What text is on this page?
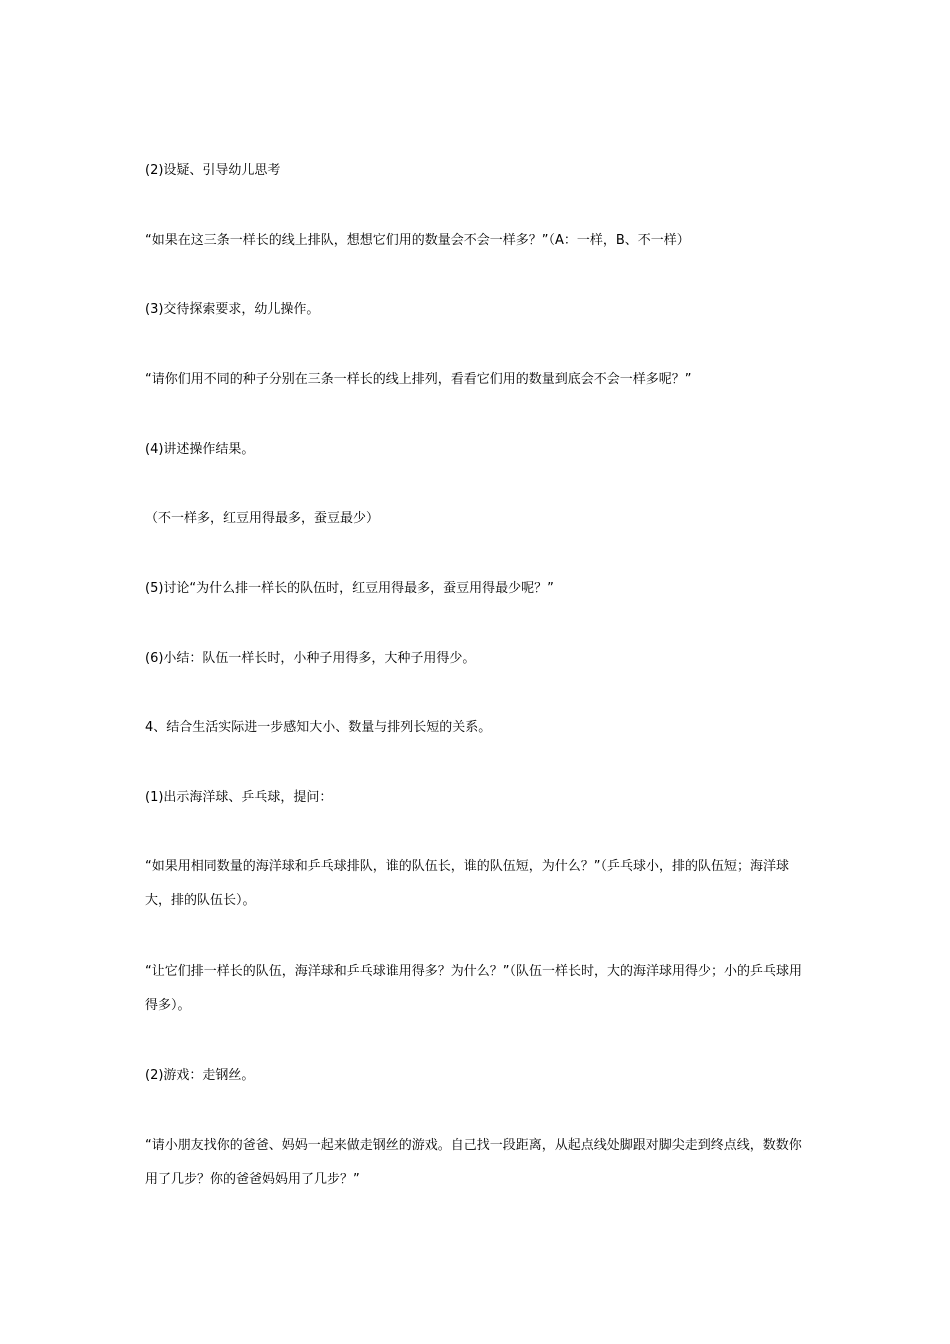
(2)设疑、引导幼儿思考

“如果在这三条一样长的线上排队，想想它们用的数量会不会一样多？”（A：一样，B、不一样）

(3)交待探索要求，幼儿操作。

“请你们用不同的种子分别在三条一样长的线上排列，看看它们用的数量到底会不会一样多呢？”

(4)讲述操作结果。

（不一样多，红豆用得最多，蚕豆最少）

(5)讨论“为什么排一样长的队伍时，红豆用得最多，蚕豆用得最少呢？”

(6)小结：队伍一样长时，小种子用得多，大种子用得少。

4、结合生活实际进一步感知大小、数量与排列长短的关系。

(1)出示海洋球、乒乓球，提问：

“如果用相同数量的海洋球和乒乓球排队，谁的队伍长，谁的队伍短，为什么？”（乒乓球小，排的队伍短；海洋球大，排的队伍长）。

“让它们排一样长的队伍，海洋球和乒乓球谁用得多？为什么？”（队伍一样长时，大的海洋球用得少；小的乒乓球用得多）。

(2)游戏：走钢丝。

“请小朋友找你的爸爸、妈妈一起来做走钢丝的游戏。自己找一段距离，从起点线处脚跟对脚尖走到终点线，数数你用了几步？你的爸爸妈妈用了几步？”
